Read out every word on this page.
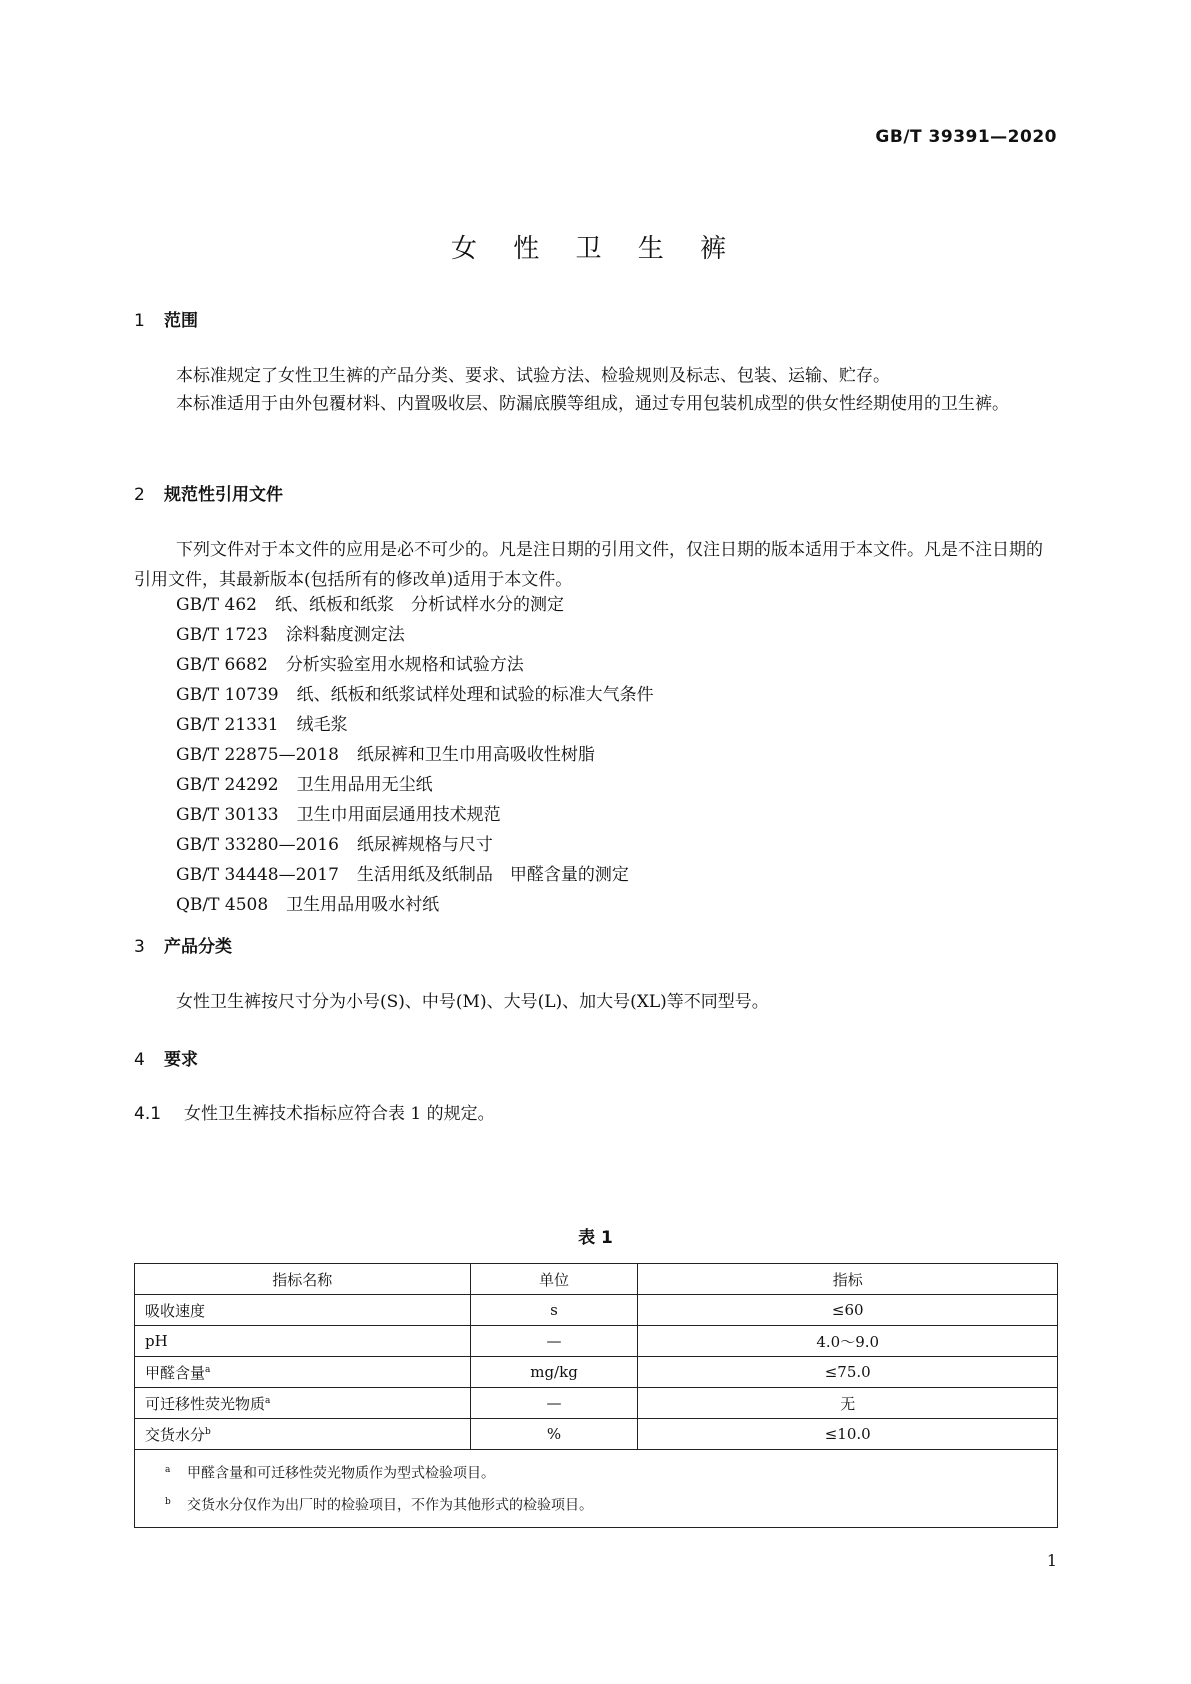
GB/T 39391—2020
女 性 卫 生 裤
1 范围

本标准规定了女性卫生裤的产品分类、要求、试验方法、检验规则及标志、包装、运输、贮存。

本标准适用于由外包覆材料、内置吸收层、防漏底膜等组成，通过专用包装机成型的供女性经期使用的卫生裤。

2 规范性引用文件

下列文件对于本文件的应用是必不可少的。凡是注日期的引用文件，仅注日期的版本适用于本文件。凡是不注日期的引用文件，其最新版本(包括所有的修改单)适用于本文件。

GB/T 462 纸、纸板和纸浆　分析试样水分的测定
GB/T 1723 涂料黏度测定法
GB/T 6682 分析实验室用水规格和试验方法
GB/T 10739 纸、纸板和纸浆试样处理和试验的标准大气条件
GB/T 21331 绒毛浆
GB/T 22875—2018 纸尿裤和卫生巾用高吸收性树脂
GB/T 24292 卫生用品用无尘纸
GB/T 30133 卫生巾用面层通用技术规范
GB/T 33280—2016 纸尿裤规格与尺寸
GB/T 34448—2017 生活用纸及纸制品　甲醛含量的测定
QB/T 4508 卫生用品用吸水衬纸
3 产品分类

女性卫生裤按尺寸分为小号(S)、中号(M)、大号(L)、加大号(XL)等不同型号。

4 要求

4.1 女性卫生裤技术指标应符合表 1 的规定。

表 1

指标名称	单位	指标
吸收速度	s	≤60
pH	—	4.0～9.0
甲醛含量$^a$	mg/kg	≤75.0
可迁移性荧光物质$^a$	—	无
交货水分$^b$	%	≤10.0

a 甲醛含量和可迁移性荧光物质作为型式检验项目。
b 交货水分仅作为出厂时的检验项目，不作为其他形式的检验项目。		
1
